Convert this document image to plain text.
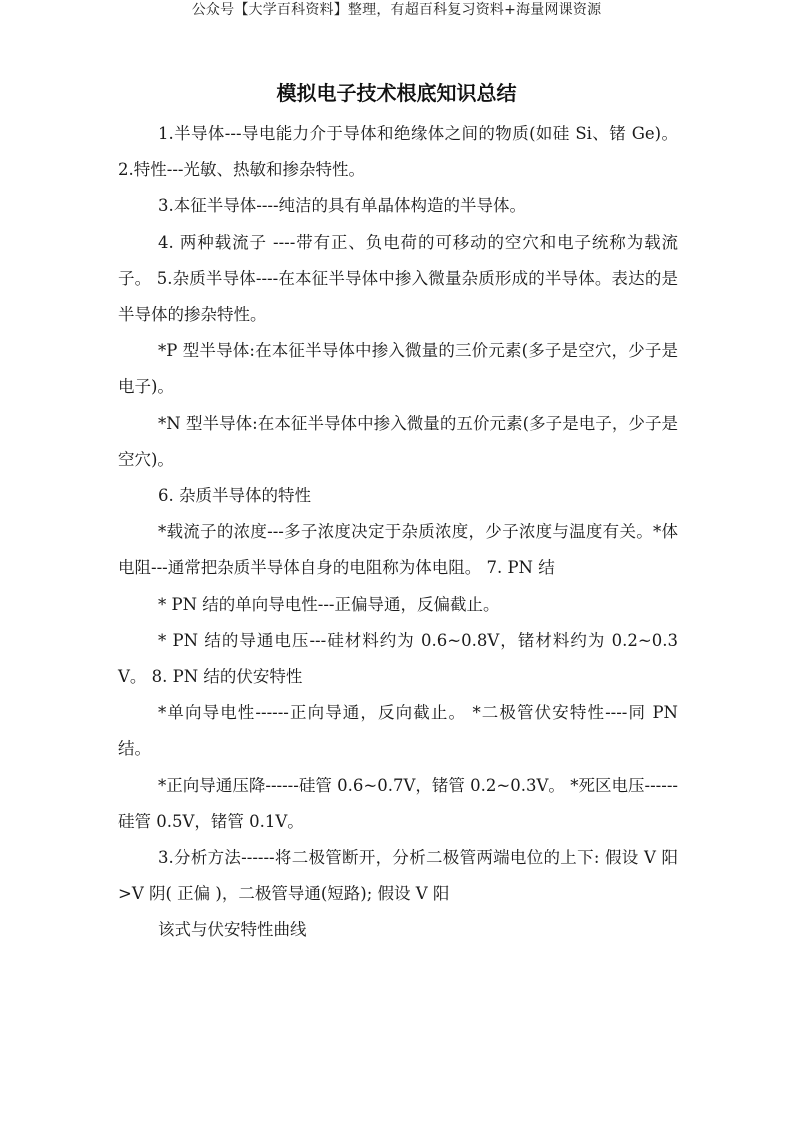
公众号【大学百科资料】整理，有超百科复习资料+海量网课资源
模拟电子技术根底知识总结

1.半导体---导电能力介于导体和绝缘体之间的物质(如硅 Si、锗 Ge)。 2.特性---光敏、热敏和掺杂特性。

3.本征半导体----纯洁的具有单晶体构造的半导体。

4. 两种载流子 ----带有正、负电荷的可移动的空穴和电子统称为载流子。 5.杂质半导体----在本征半导体中掺入微量杂质形成的半导体。表达的是半导体的掺杂特性。

*P 型半导体:在本征半导体中掺入微量的三价元素(多子是空穴，少子是电子)。

*N 型半导体:在本征半导体中掺入微量的五价元素(多子是电子，少子是空穴)。

6. 杂质半导体的特性

*载流子的浓度---多子浓度决定于杂质浓度，少子浓度与温度有关。*体电阻---通常把杂质半导体自身的电阻称为体电阻。 7. PN 结

* PN 结的单向导电性---正偏导通，反偏截止。

* PN 结的导通电压---硅材料约为 0.6~0.8V，锗材料约为 0.2~0.3V。 8. PN 结的伏安特性

*单向导电性------正向导通，反向截止。 *二极管伏安特性----同 PN 结。

*正向导通压降------硅管 0.6~0.7V，锗管 0.2~0.3V。 *死区电压------硅管 0.5V，锗管 0.1V。

3.分析方法------将二极管断开，分析二极管两端电位的上下: 假设 V 阳 >V 阴( 正偏 )，二极管导通(短路); 假设 V 阳

该式与伏安特性曲线
